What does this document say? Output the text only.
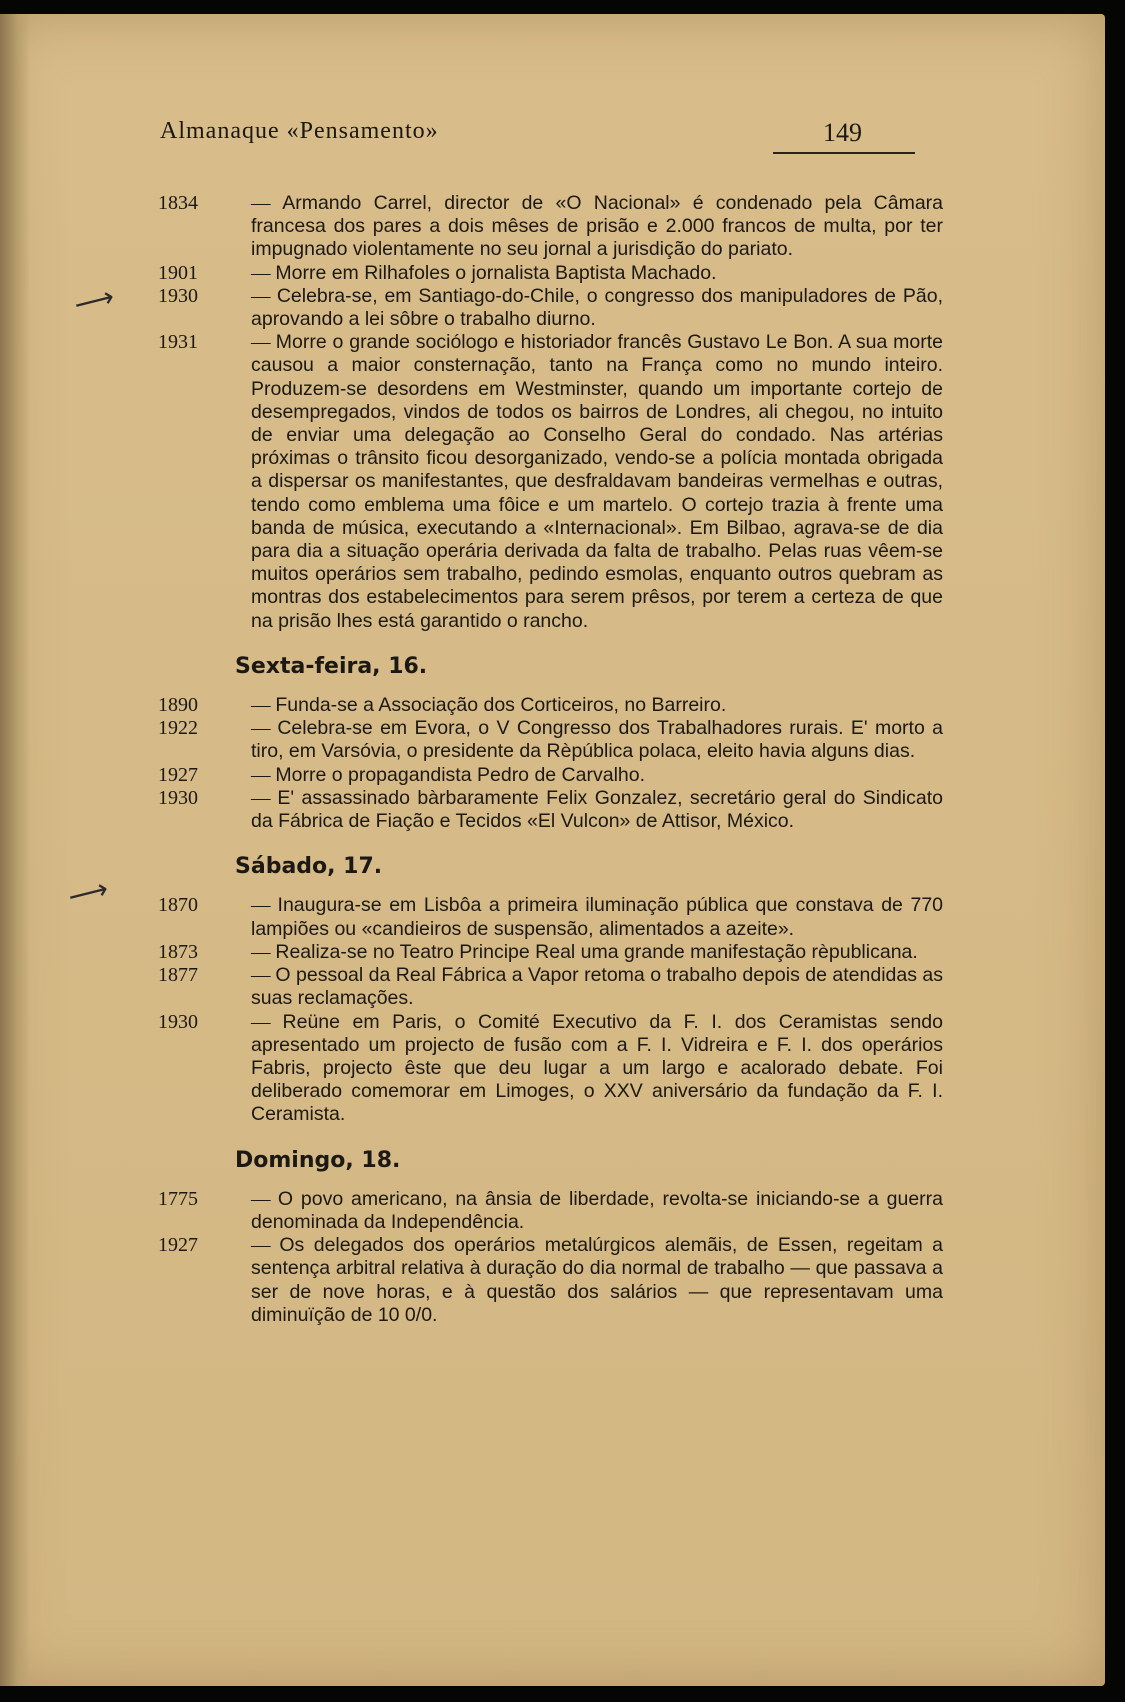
Almanaque «Pensamento»	149
⟶
⟶
1834	— Armando Carrel, director de «O Nacional» é condenado pela Câmara francesa dos pares a dois mêses de prisão e 2.000 francos de multa, por ter impugnado violentamente no seu jornal a jurisdição do pariato.
1901	— Morre em Rilhafoles o jornalista Baptista Machado.
1930	— Celebra-se, em Santiago-do-Chile, o congresso dos manipuladores de Pão, aprovando a lei sôbre o trabalho diurno.
1931	— Morre o grande sociólogo e historiador francês Gustavo Le Bon. A sua morte causou a maior consternação, tanto na França como no mundo inteiro. Produzem-se desordens em Westminster, quando um importante cortejo de desempregados, vindos de todos os bairros de Londres, ali chegou, no intuito de enviar uma delegação ao Conselho Geral do condado. Nas artérias próximas o trânsito ficou desorganizado, vendo-se a polícia montada obrigada a dispersar os manifestantes, que desfraldavam bandeiras vermelhas e outras, tendo como emblema uma fôice e um martelo. O cortejo trazia à frente uma banda de música, executando a «Internacional». Em Bilbao, agrava-se de dia para dia a situação operária derivada da falta de trabalho. Pelas ruas vêem-se muitos operários sem trabalho, pedindo esmolas, enquanto outros quebram as montras dos estabelecimentos para serem prêsos, por terem a certeza de que na prisão lhes está garantido o rancho.
Sexta-feira, 16.
1890	— Funda-se a Associação dos Corticeiros, no Barreiro.
1922	— Celebra-se em Evora, o V Congresso dos Trabalhadores rurais. E' morto a tiro, em Varsóvia, o presidente da Rèpública polaca, eleito havia alguns dias.
1927	— Morre o propagandista Pedro de Carvalho.
1930	— E' assassinado bàrbaramente Felix Gonzalez, secretário geral do Sindicato da Fábrica de Fiação e Tecidos «El Vulcon» de Attisor, México.
Sábado, 17.
1870	— Inaugura-se em Lisbôa a primeira iluminação pública que constava de 770 lampiões ou «candieiros de suspensão, alimentados a azeite».
1873	— Realiza-se no Teatro Principe Real uma grande manifestação rèpublicana.
1877	— O pessoal da Real Fábrica a Vapor retoma o trabalho depois de atendidas as suas reclamações.
1930	— Reüne em Paris, o Comité Executivo da F. I. dos Ceramistas sendo apresentado um projecto de fusão com a F. I. Vidreira e F. I. dos operários Fabris, projecto êste que deu lugar a um largo e acalorado debate. Foi deliberado comemorar em Limoges, o XXV aniversário da fundação da F. I. Ceramista.
Domingo, 18.
1775	— O povo americano, na ânsia de liberdade, revolta-se iniciando-se a guerra denominada da Independência.
1927	— Os delegados dos operários metalúrgicos alemãis, de Essen, regeitam a sentença arbitral relativa à duração do dia normal de trabalho — que passava a ser de nove horas, e à questão dos salários — que representavam uma diminuïção de 10 0/0.
